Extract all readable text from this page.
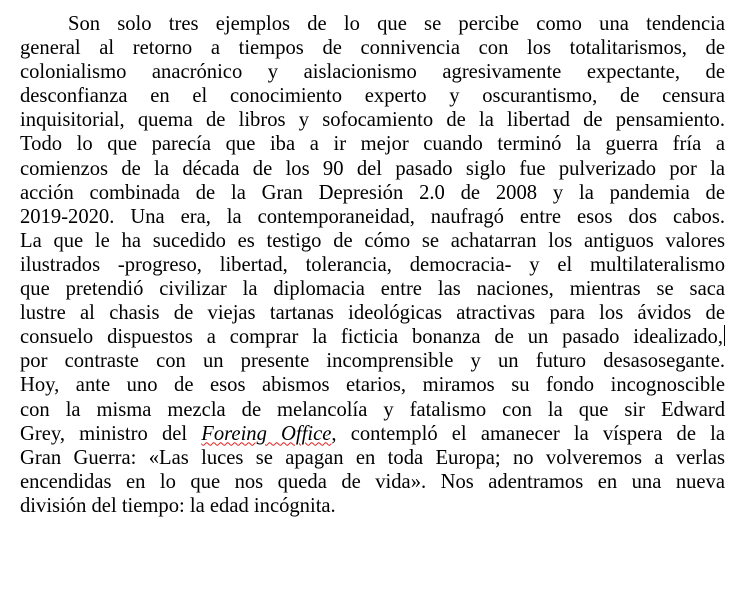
Son solo tres ejemplos de lo que se percibe como una tendencia
general al retorno a tiempos de connivencia con los totalitarismos, de
colonialismo anacrónico y aislacionismo agresivamente expectante, de
desconfianza en el conocimiento experto y oscurantismo, de censura
inquisitorial, quema de libros y sofocamiento de la libertad de pensamiento.
Todo lo que parecía que iba a ir mejor cuando terminó la guerra fría a
comienzos de la década de los 90 del pasado siglo fue pulverizado por la
acción combinada de la Gran Depresión 2.0 de 2008 y la pandemia de
2019-2020. Una era, la contemporaneidad, naufragó entre esos dos cabos.
La que le ha sucedido es testigo de cómo se achatarran los antiguos valores
ilustrados -progreso, libertad, tolerancia, democracia- y el multilateralismo
que pretendió civilizar la diplomacia entre las naciones, mientras se saca
lustre al chasis de viejas tartanas ideológicas atractivas para los ávidos de
consuelo dispuestos a comprar la ficticia bonanza de un pasado idealizado,
por contraste con un presente incomprensible y un futuro desasosegante.
Hoy, ante uno de esos abismos etarios, miramos su fondo incognoscible
con la misma mezcla de melancolía y fatalismo con la que sir Edward
Grey, ministro del Foreing Office, contempló el amanecer la víspera de la
Gran Guerra: «Las luces se apagan en toda Europa; no volveremos a verlas
encendidas en lo que nos queda de vida». Nos adentramos en una nueva
división del tiempo: la edad incógnita.
